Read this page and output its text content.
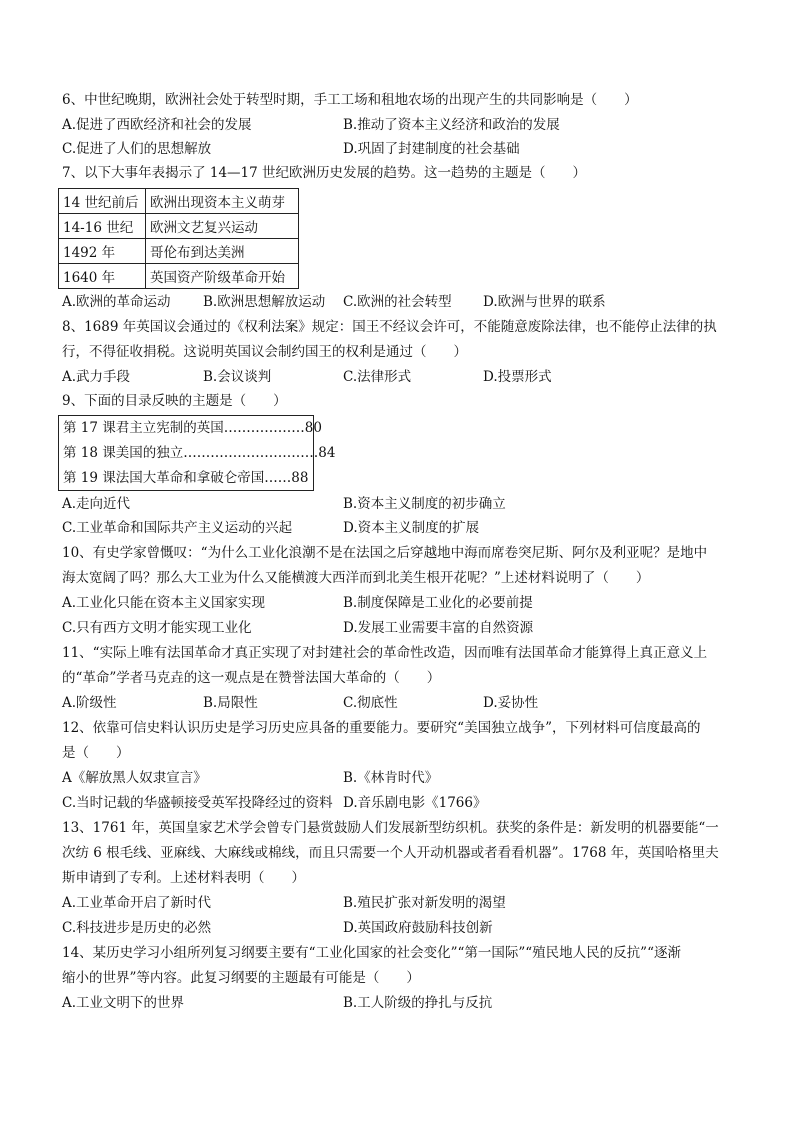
6、中世纪晚期，欧洲社会处于转型时期，手工工场和租地农场的出现产生的共同影响是（　　）
A.促进了西欧经济和社会的发展	B.推动了资本主义经济和政治的发展
C.促进了人们的思想解放	D.巩固了封建制度的社会基础
7、以下大事年表揭示了 14—17 世纪欧洲历史发展的趋势。这一趋势的主题是（　　）
14 世纪前后	欧洲出现资本主义萌芽
14-16 世纪	欧洲文艺复兴运动
1492 年	哥伦布到达美洲
1640 年	英国资产阶级革命开始
A.欧洲的革命运动 B.欧洲思想解放运动 C.欧洲的社会转型 D.欧洲与世界的联系
8、1689 年英国议会通过的《权利法案》规定：国王不经议会许可，不能随意废除法律，也不能停止法律的执
行，不得征收捐税。这说明英国议会制约国王的权利是通过（　　）
A.武力手段	B.会议谈判	C.法律形式	D.投票形式
9、下面的目录反映的主题是（　　）
第 17 课君主立宪制的英国………………80
第 18 课美国的独立…………………………84
第 19 课法国大革命和拿破仑帝国……88
A.走向近代	B.资本主义制度的初步确立
C.工业革命和国际共产主义运动的兴起	D.资本主义制度的扩展
10、有史学家曾慨叹：“为什么工业化浪潮不是在法国之后穿越地中海而席卷突尼斯、阿尔及利亚呢？是地中
海太宽阔了吗？那么大工业为什么又能横渡大西洋而到北美生根开花呢？”上述材料说明了（　　）
A.工业化只能在资本主义国家实现	B.制度保障是工业化的必要前提
C.只有西方文明才能实现工业化	D.发展工业需要丰富的自然资源
11、“实际上唯有法国革命才真正实现了对封建社会的革命性改造，因而唯有法国革命才能算得上真正意义上
的“革命”学者马克垚的这一观点是在赞誉法国大革命的（　　）
A.阶级性	B.局限性	C.彻底性	D.妥协性
12、依靠可信史料认识历史是学习历史应具备的重要能力。要研究“美国独立战争”，下列材料可信度最高的
是（　　）
A《解放黑人奴隶宣言》	B.《林肯时代》
C.当时记载的华盛顿接受英军投降经过的资料 D.音乐剧电影《1766》
13、1761 年，英国皇家艺术学会曾专门悬赏鼓励人们发展新型纺织机。获奖的条件是：新发明的机器要能“一
次纺 6 根毛线、亚麻线、大麻线或棉线，而且只需要一个人开动机器或者看看机器”。1768 年，英国哈格里夫
斯申请到了专利。上述材料表明（　　）
A.工业革命开启了新时代	B.殖民扩张对新发明的渴望
C.科技进步是历史的必然	D.英国政府鼓励科技创新
14、某历史学习小组所列复习纲要主要有“工业化国家的社会变化”“第一国际”“殖民地人民的反抗”“逐渐
缩小的世界”等内容。此复习纲要的主题最有可能是（　　）
A.工业文明下的世界	B.工人阶级的挣扎与反抗
